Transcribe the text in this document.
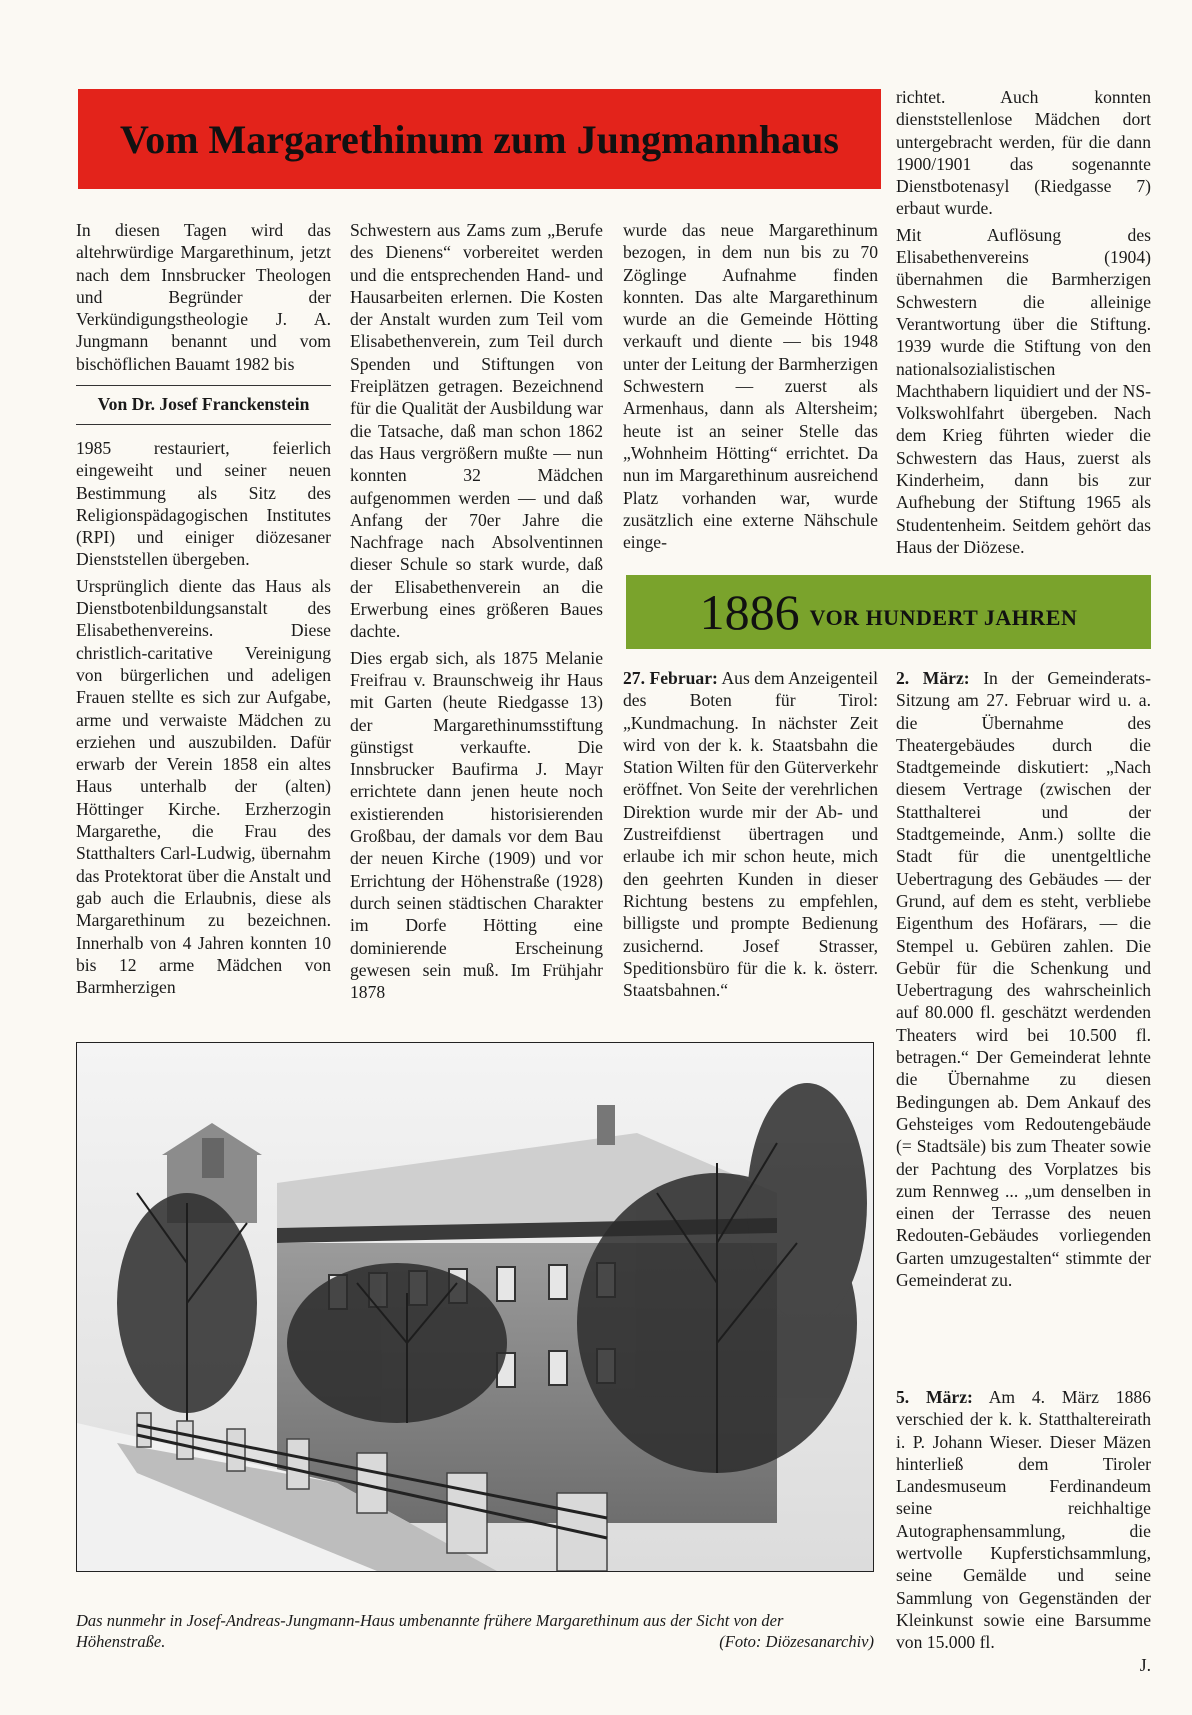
Vom Margarethinum zum Jungmannhaus

In diesen Tagen wird das altehrwürdige Margarethinum, jetzt nach dem Innsbrucker Theologen und Begründer der Verkündigungstheologie J. A. Jungmann benannt und vom bischöflichen Bauamt 1982 bis

Von Dr. Josef Franckenstein

1985 restauriert, feierlich eingeweiht und seiner neuen Bestimmung als Sitz des Religionspädagogischen Institutes (RPI) und einiger diözesaner Dienststellen übergeben.

Ursprünglich diente das Haus als Dienstbotenbildungsanstalt des Elisabethenvereins. Diese christlich-caritative Vereinigung von bürgerlichen und adeligen Frauen stellte es sich zur Aufgabe, arme und verwaiste Mädchen zu erziehen und auszubilden. Dafür erwarb der Verein 1858 ein altes Haus unterhalb der (alten) Höttinger Kirche. Erzherzogin Margarethe, die Frau des Statthalters Carl-Ludwig, übernahm das Protektorat über die Anstalt und gab auch die Erlaubnis, diese als Margarethinum zu bezeichnen. Innerhalb von 4 Jahren konnten 10 bis 12 arme Mädchen von Barmherzigen

Schwestern aus Zams zum „Berufe des Dienens“ vorbereitet werden und die entsprechenden Hand- und Hausarbeiten erlernen. Die Kosten der Anstalt wurden zum Teil vom Elisabethenverein, zum Teil durch Spenden und Stiftungen von Freiplätzen getragen. Bezeichnend für die Qualität der Ausbildung war die Tatsache, daß man schon 1862 das Haus vergrößern mußte — nun konnten 32 Mädchen aufgenommen werden — und daß Anfang der 70er Jahre die Nachfrage nach Absolventinnen dieser Schule so stark wurde, daß der Elisabethenverein an die Erwerbung eines größeren Baues dachte.

Dies ergab sich, als 1875 Melanie Freifrau v. Braunschweig ihr Haus mit Garten (heute Riedgasse 13) der Margarethinumsstiftung günstigst verkaufte. Die Innsbrucker Baufirma J. Mayr errichtete dann jenen heute noch existierenden historisierenden Großbau, der damals vor dem Bau der neuen Kirche (1909) und vor Errichtung der Höhenstraße (1928) durch seinen städtischen Charakter im Dorfe Hötting eine dominierende Erscheinung gewesen sein muß. Im Frühjahr 1878

wurde das neue Margarethinum bezogen, in dem nun bis zu 70 Zöglinge Aufnahme finden konnten. Das alte Margarethinum wurde an die Gemeinde Hötting verkauft und diente — bis 1948 unter der Leitung der Barmherzigen Schwestern — zuerst als Armenhaus, dann als Altersheim; heute ist an seiner Stelle das „Wohnheim Hötting“ errichtet. Da nun im Margarethinum ausreichend Platz vorhanden war, wurde zusätzlich eine externe Nähschule einge-

richtet. Auch konnten dienststellenlose Mädchen dort untergebracht werden, für die dann 1900/1901 das sogenannte Dienstbotenasyl (Riedgasse 7) erbaut wurde.

Mit Auflösung des Elisabethenvereins (1904) übernahmen die Barmherzigen Schwestern die alleinige Verantwortung über die Stiftung. 1939 wurde die Stiftung von den nationalsozialistischen Machthabern liquidiert und der NS-Volkswohlfahrt übergeben. Nach dem Krieg führten wieder die Schwestern das Haus, zuerst als Kinderheim, dann bis zur Aufhebung der Stiftung 1965 als Studentenheim. Seitdem gehört das Haus der Diözese.

1886 VOR HUNDERT JAHREN

27. Februar: Aus dem Anzeigenteil des Boten für Tirol: „Kundmachung. In nächster Zeit wird von der k. k. Staatsbahn die Station Wilten für den Güterverkehr eröffnet. Von Seite der verehrlichen Direktion wurde mir der Ab- und Zustreifdienst übertragen und erlaube ich mir schon heute, mich den geehrten Kunden in dieser Richtung bestens zu empfehlen, billigste und prompte Bedienung zusichernd. Josef Strasser, Speditionsbüro für die k. k. österr. Staatsbahnen.“

2. März: In der Gemeinderats-Sitzung am 27. Februar wird u. a. die Übernahme des Theatergebäudes durch die Stadtgemeinde diskutiert: „Nach diesem Vertrage (zwischen der Statthalterei und der Stadtgemeinde, Anm.) sollte die Stadt für die unentgeltliche Uebertragung des Gebäudes — der Grund, auf dem es steht, verbliebe Eigenthum des Hofärars, — die Stempel u. Gebüren zahlen. Die Gebür für die Schenkung und Uebertragung des wahrscheinlich auf 80.000 fl. geschätzt werdenden Theaters wird bei 10.500 fl. betragen.“ Der Gemeinderat lehnte die Übernahme zu diesen Bedingungen ab. Dem Ankauf des Gehsteiges vom Redoutengebäude (= Stadtsäle) bis zum Theater sowie der Pachtung des Vorplatzes bis zum Rennweg ... „um denselben in einen der Terrasse des neuen Redouten-Gebäudes vorliegenden Garten umzugestalten“ stimmte der Gemeinderat zu.

5. März: Am 4. März 1886 verschied der k. k. Statthaltereirath i. P. Johann Wieser. Dieser Mäzen hinterließ dem Tiroler Landesmuseum Ferdinandeum seine reichhaltige Autographensammlung, die wertvolle Kupferstichsammlung, seine Gemälde und seine Sammlung von Gegenständen der Kleinkunst sowie eine Barsumme von 15.000 fl.

J.

Das nunmehr in Josef-Andreas-Jungmann-Haus umbenannte frühere Margarethinum aus der Sicht von der Höhenstraße.	(Foto: Diözesanarchiv)
